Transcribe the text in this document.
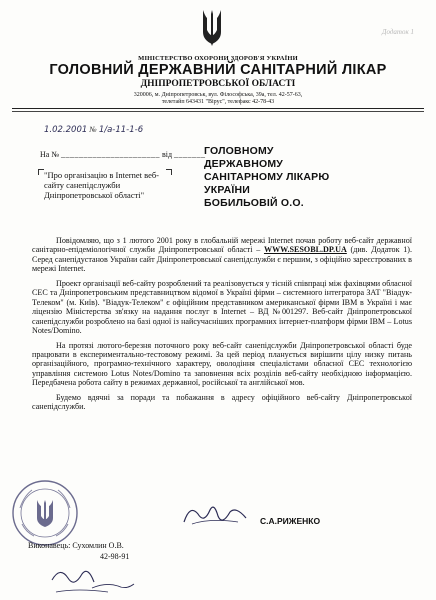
Додаток 1
МІНІСТЕРСТВО ОХОРОНИ ЗДОРОВ'Я УКРАЇНИ
ГОЛОВНИЙ ДЕРЖАВНИЙ САНІТАРНИЙ ЛІКАР
ДНІПРОПЕТРОВСЬКОЇ ОБЛАСТІ
320006, м. Дніпропетровськ, вул. Філософська, 39а, тел. 42-57-63,
телетайп 643431 "Вірус", телефакс 42-78-43
1.02.2001 № 1/а-11-1-6
На № ______________________ від _______
"Про організацію в Internet веб-сайту санепідслужби Дніпропетровської області"
ГОЛОВНОМУ
ДЕРЖАВНОМУ
САНІТАРНОМУ ЛІКАРЮ
УКРАЇНИ
БОБИЛЬОВІЙ О.О.

Повідомляю, що з 1 лютого 2001 року в глобальній мережі Internet почав роботу веб-сайт державної санітарно-епідеміологічної служби Дніпропетровської області – WWW.SESOBL.DP.UA (див. Додаток 1). Серед санепідустанов України сайт Дніпропетровської санепідслужби є першим, з офіційно зареєстрованих в мережі Internet.

Проект організації веб-сайту розроблений та реалізовується у тісній співпраці між фахівцями обласної СЕС та Дніпропетровським представництвом відомої в Україні фірми – системного інтегратора ЗАТ "Віадук-Телеком" (м. Київ). "Віадук-Телеком" є офіційним представником американської фірми IBM в Україні і має ліцензію Міністерства зв'язку на надання послуг в Internet – ВД №001297. Веб-сайт Дніпропетровської санепідслужби розроблено на базі одної із найсучасніших програмних інтернет-платформ фірми IBM – Lotus Notes/Domino.

На протязі лютого-березня поточного року веб-сайт санепідслужби Дніпропетровської області буде працювати в експериментально-тестовому режимі. За цей період планується вирішити цілу низку питань організаційного, програмно-технічного характеру, оволодіння спеціалістами обласної СЕС технологією управління системою Lotus Notes/Domino та заповнення всіх розділів веб-сайту необхідною інформацією. Передбачена робота сайту в режимах державної, російської та англійської мов.

Будемо вдячні за поради та побажання в адресу офіційного веб-сайту Дніпропетровської санепідслужби.

С.А.РИЖЕНКО
Виконавець: Сухомлин О.В.
42-98-91
